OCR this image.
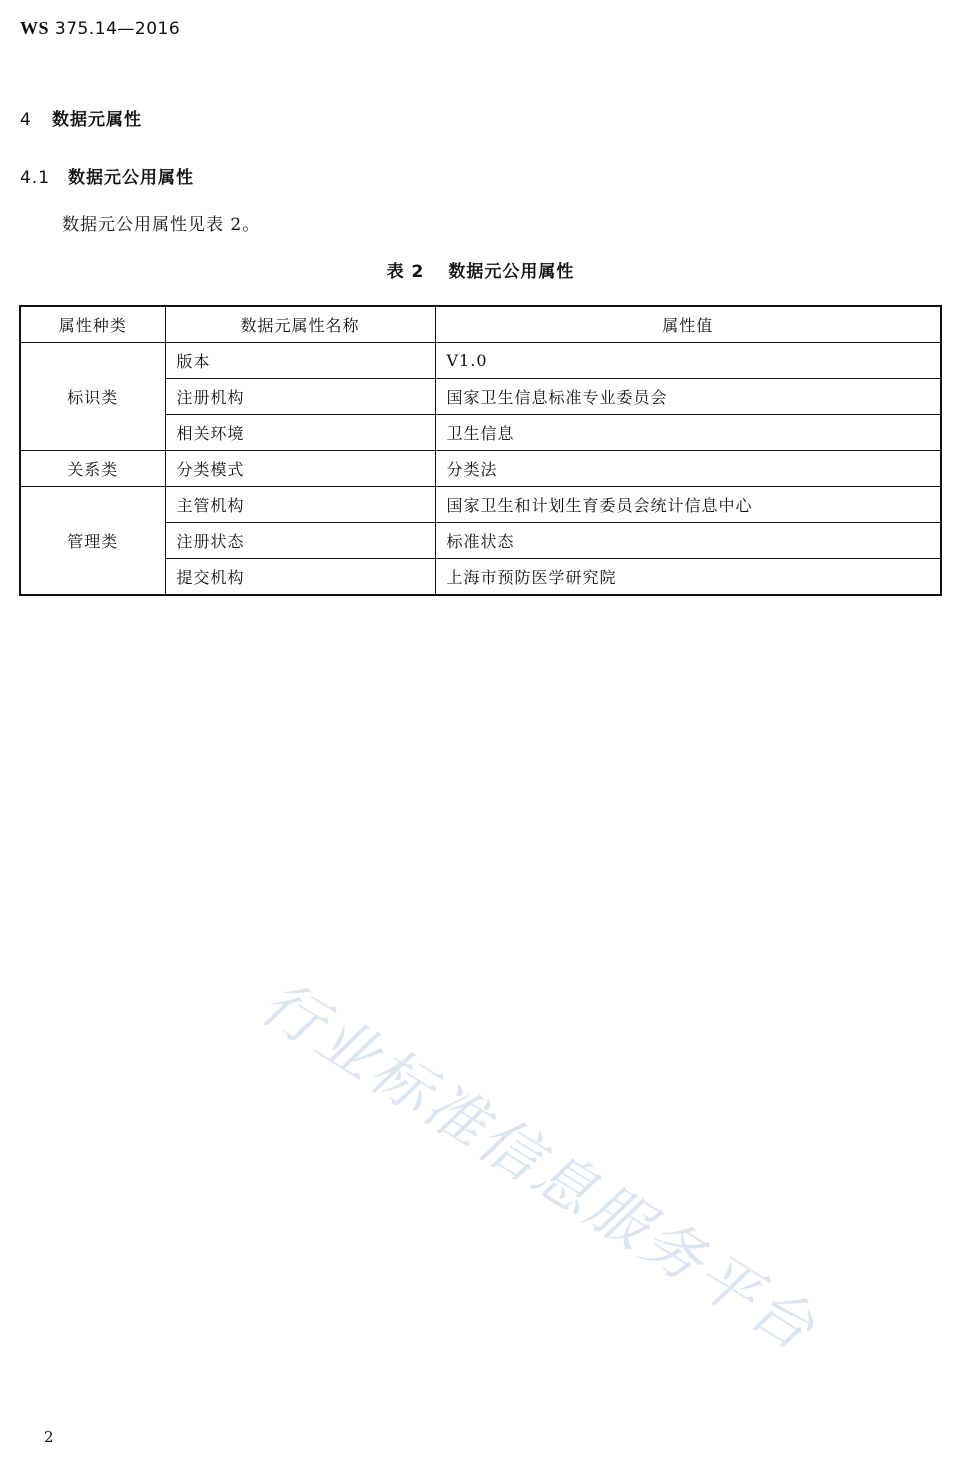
WS 375.14—2016
4 数据元属性
4.1 数据元公用属性
数据元公用属性见表 2。
表 2 数据元公用属性
属性种类	数据元属性名称	属性值
标识类	版本	V1.0
	注册机构	国家卫生信息标准专业委员会
	相关环境	卫生信息
关系类	分类模式	分类法
管理类	主管机构	国家卫生和计划生育委员会统计信息中心
	注册状态	标准状态
	提交机构	上海市预防医学研究院
行业标准信息服务平台
2
